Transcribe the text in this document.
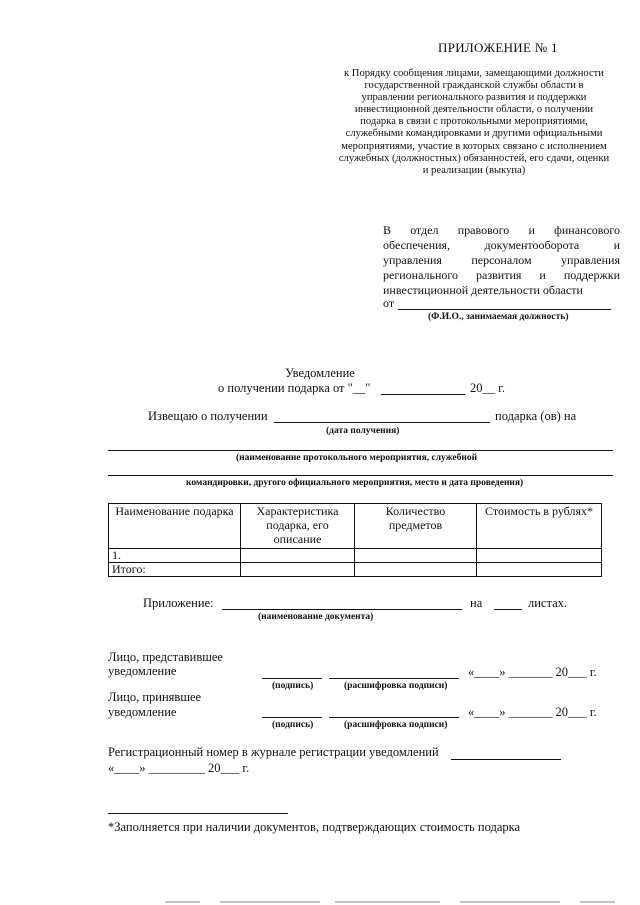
ПРИЛОЖЕНИЕ № 1
к Порядку сообщения лицами, замещающими должности государственной гражданской службы области в управлении регионального развития и поддержки инвестиционной деятельности области, о получении подарка в связи с протокольными мероприятиями, служебными командировками и другими официальными мероприятиями, участие в которых связано с исполнением служебных (должностных) обязанностей, его сдачи, оценки и реализации (выкупа)
В отдел правового и финансового
обеспечения, документооборота и
управления персоналом управления
регионального развития и поддержки
инвестиционной деятельности области
от
(Ф.И.О., занимаемая должность)
Уведомление
о получении подарка от "__"	20__ г.
Извещаю о получении	подарка (ов) на
(дата получения)
(наименование протокольного мероприятия, служебной
командировки, другого официального мероприятия, место и дата проведения)
Наименование подарка	Характеристика подарка, его описание	Количество предметов	Стоимость в рублях*
1.			
Итого:			
Приложение:	на	листах.
(наименование документа)
Лицо, представившее
уведомление	«____» _______ 20___ г.
(подпись)	(расшифровка подписи)
Лицо, принявшее
уведомление	«____» _______ 20___ г.
(подпись)	(расшифровка подписи)
Регистрационный номер в журнале регистрации уведомлений
«____» _________ 20___ г.
*Заполняется при наличии документов, подтверждающих стоимость подарка
